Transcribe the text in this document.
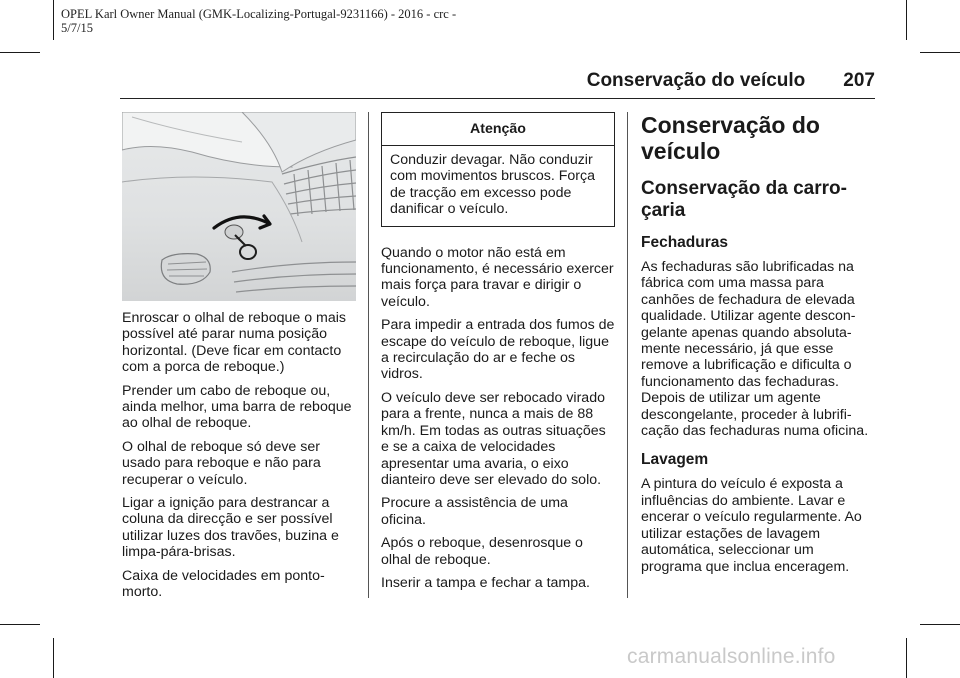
OPEL Karl Owner Manual (GMK-Localizing-Portugal-9231166) - 2016 - crc -
5/7/15
Conservação do veículo 207

Enroscar o olhal de reboque o mais possível até parar numa posição horizontal. (Deve ficar em contacto com a porca de reboque.)

Prender um cabo de reboque ou, ainda melhor, uma barra de reboque ao olhal de reboque.

O olhal de reboque só deve ser usado para reboque e não para recuperar o veículo.

Ligar a ignição para destrancar a coluna da direcção e ser possível utilizar luzes dos travões, buzina e limpa-pára-brisas.

Caixa de velocidades em ponto-morto.

Atenção
Conduzir devagar. Não conduzir com movimentos bruscos. Força de tracção em excesso pode danificar o veículo.

Quando o motor não está em funcionamento, é necessário exercer mais força para travar e dirigir o veículo.

Para impedir a entrada dos fumos de escape do veículo de reboque, ligue a recirculação do ar e feche os vidros.

O veículo deve ser rebocado virado para a frente, nunca a mais de 88 km/h. Em todas as outras situações e se a caixa de velocidades apresentar uma avaria, o eixo dianteiro deve ser elevado do solo.

Procure a assistência de uma oficina.

Após o reboque, desenrosque o olhal de reboque.

Inserir a tampa e fechar a tampa.

Conservação do veículo
Conservação da carro-çaria
Fechaduras

As fechaduras são lubrificadas na fábrica com uma massa para canhões de fechadura de elevada qualidade. Utilizar agente descon-gelante apenas quando absoluta-mente necessário, já que esse remove a lubrificação e dificulta o funcionamento das fechaduras. Depois de utilizar um agente descongelante, proceder à lubrifi-cação das fechaduras numa oficina.

Lavagem

A pintura do veículo é exposta a influências do ambiente. Lavar e encerar o veículo regularmente. Ao utilizar estações de lavagem automática, seleccionar um programa que inclua enceragem.

carmanualsonline.info
